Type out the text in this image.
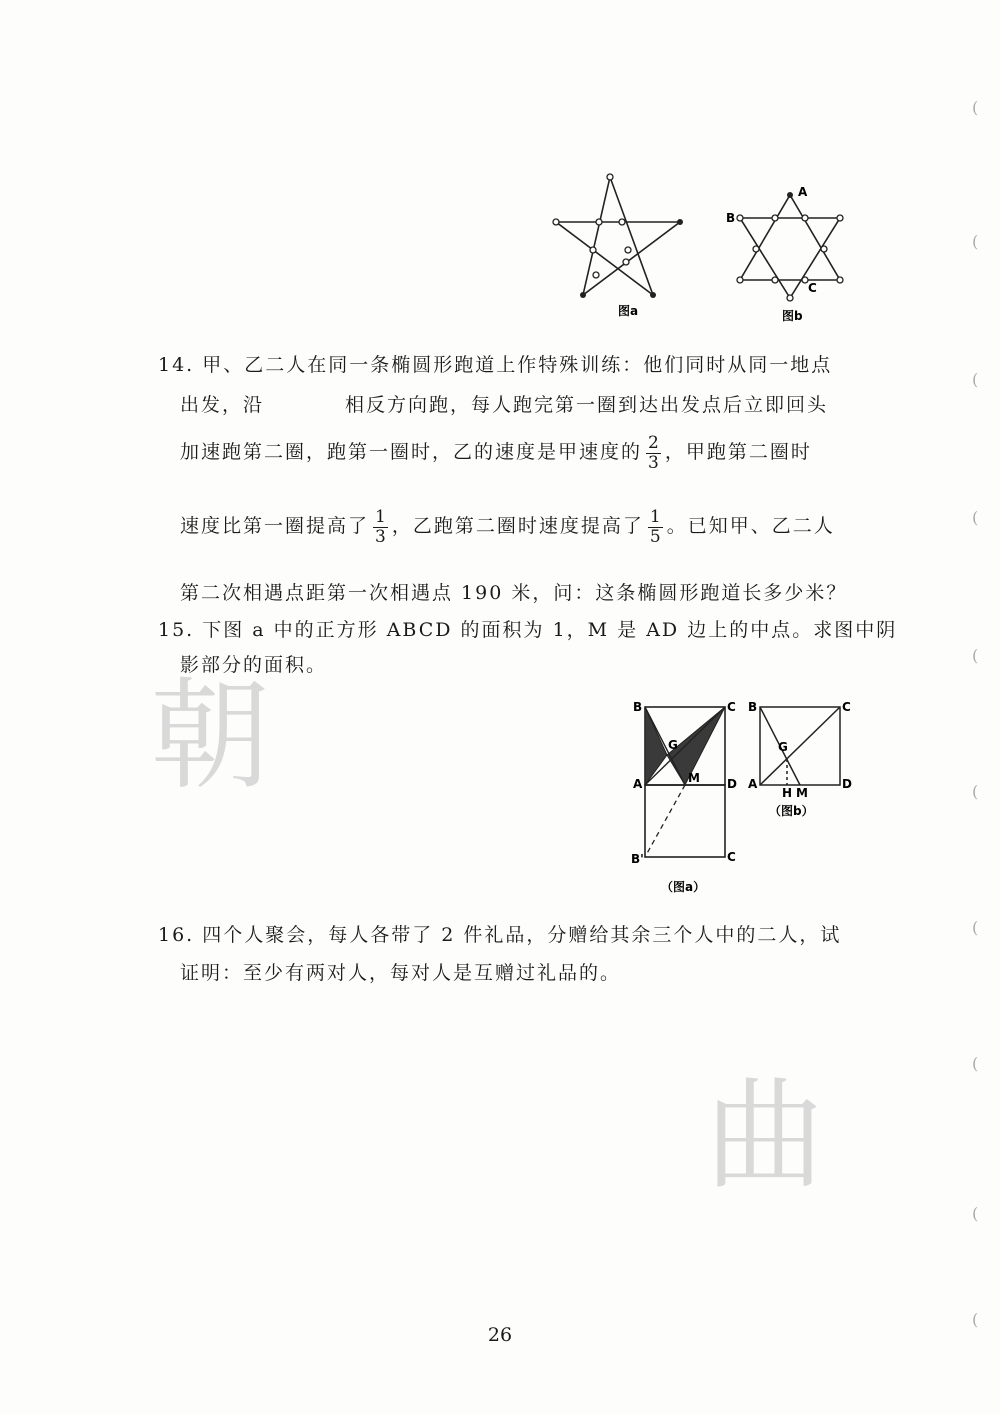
朝
曲
(
(
(
(
(
(
(
(
(
(
图a
A
B
C
图b
14. 甲、乙二人在同一条椭圆形跑道上作特殊训练：他们同时从同一地点
出发，沿	相反方向跑，每人跑完第一圈到达出发点后立即回头
加速跑第二圈，跑第一圈时，乙的速度是甲速度的 $\frac{2}{3}$ ，甲跑第二圈时
速度比第一圈提高了 $\frac{1}{3}$ ，乙跑第二圈时速度提高了 $\frac{1}{5}$ 。已知甲、乙二人
第二次相遇点距第一次相遇点 190 米，问：这条椭圆形跑道长多少米？
15. 下图 a 中的正方形 ABCD 的面积为 1，M 是 AD 边上的中点。求图中阴
影部分的面积。
B	C
G
A	M D
B'	C
（图a）
B	C
G
A
H M
D
（图b）
16. 四个人聚会，每人各带了 2 件礼品，分赠给其余三个人中的二人，试
证明：至少有两对人，每对人是互赠过礼品的。
26
